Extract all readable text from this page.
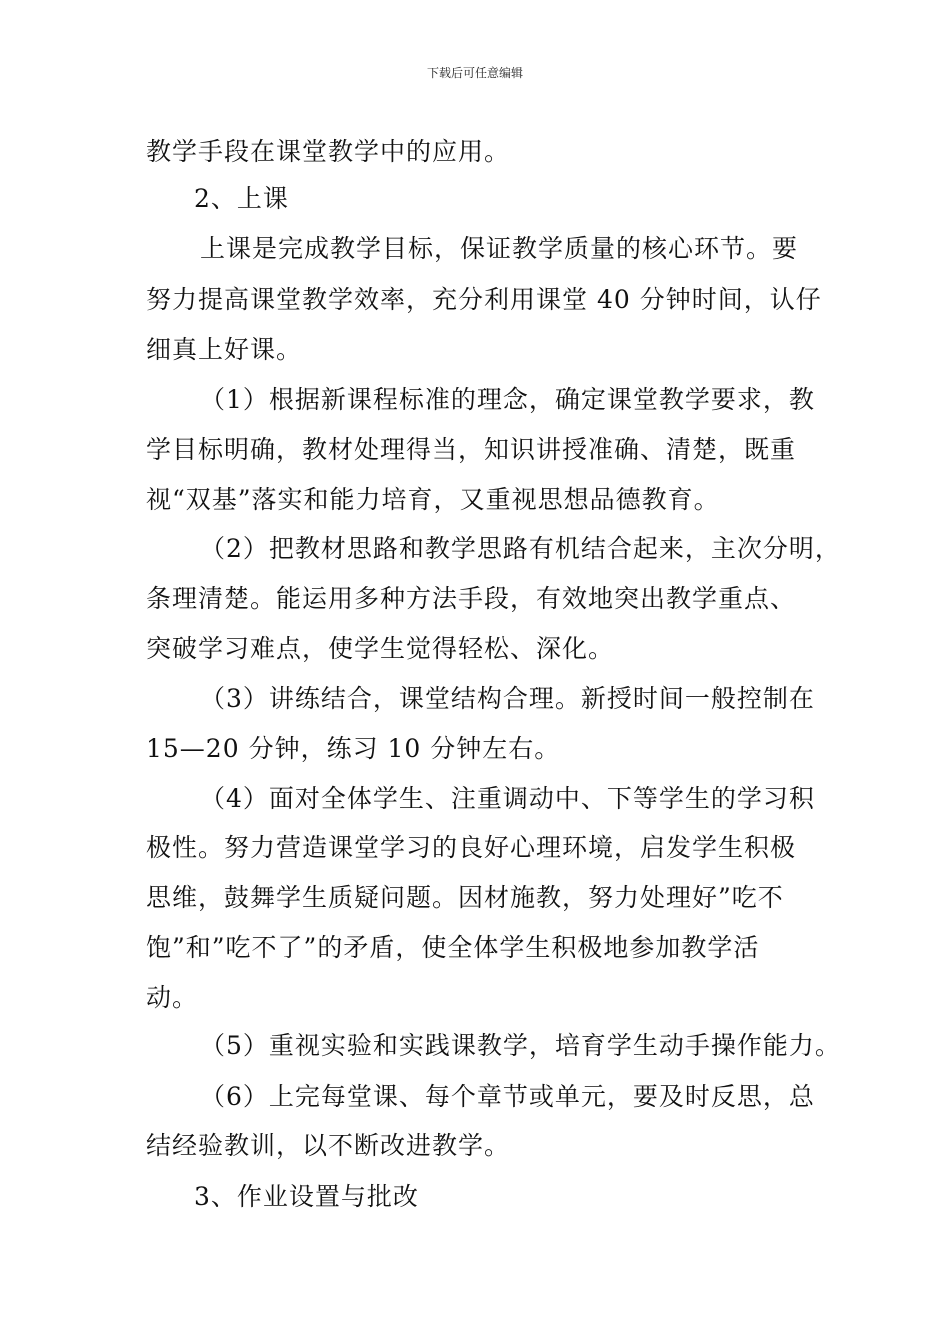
下载后可任意编辑
教学手段在课堂教学中的应用。
2、上课
上课是完成教学目标，保证教学质量的核心环节。要
努力提高课堂教学效率，充分利用课堂 40 分钟时间，认仔
细真上好课。
（1）根据新课程标准的理念，确定课堂教学要求，教
学目标明确，教材处理得当，知识讲授准确、清楚，既重
视“双基”落实和能力培育，又重视思想品德教育。
（2）把教材思路和教学思路有机结合起来，主次分明，
条理清楚。能运用多种方法手段，有效地突出教学重点、
突破学习难点，使学生觉得轻松、深化。
（3）讲练结合，课堂结构合理。新授时间一般控制在
15—20 分钟，练习 10 分钟左右。
（4）面对全体学生、注重调动中、下等学生的学习积
极性。努力营造课堂学习的良好心理环境，启发学生积极
思维，鼓舞学生质疑问题。因材施教，努力处理好”吃不
饱”和”吃不了”的矛盾，使全体学生积极地参加教学活
动。
（5）重视实验和实践课教学，培育学生动手操作能力。
（6）上完每堂课、每个章节或单元，要及时反思，总
结经验教训，以不断改进教学。
3、作业设置与批改
